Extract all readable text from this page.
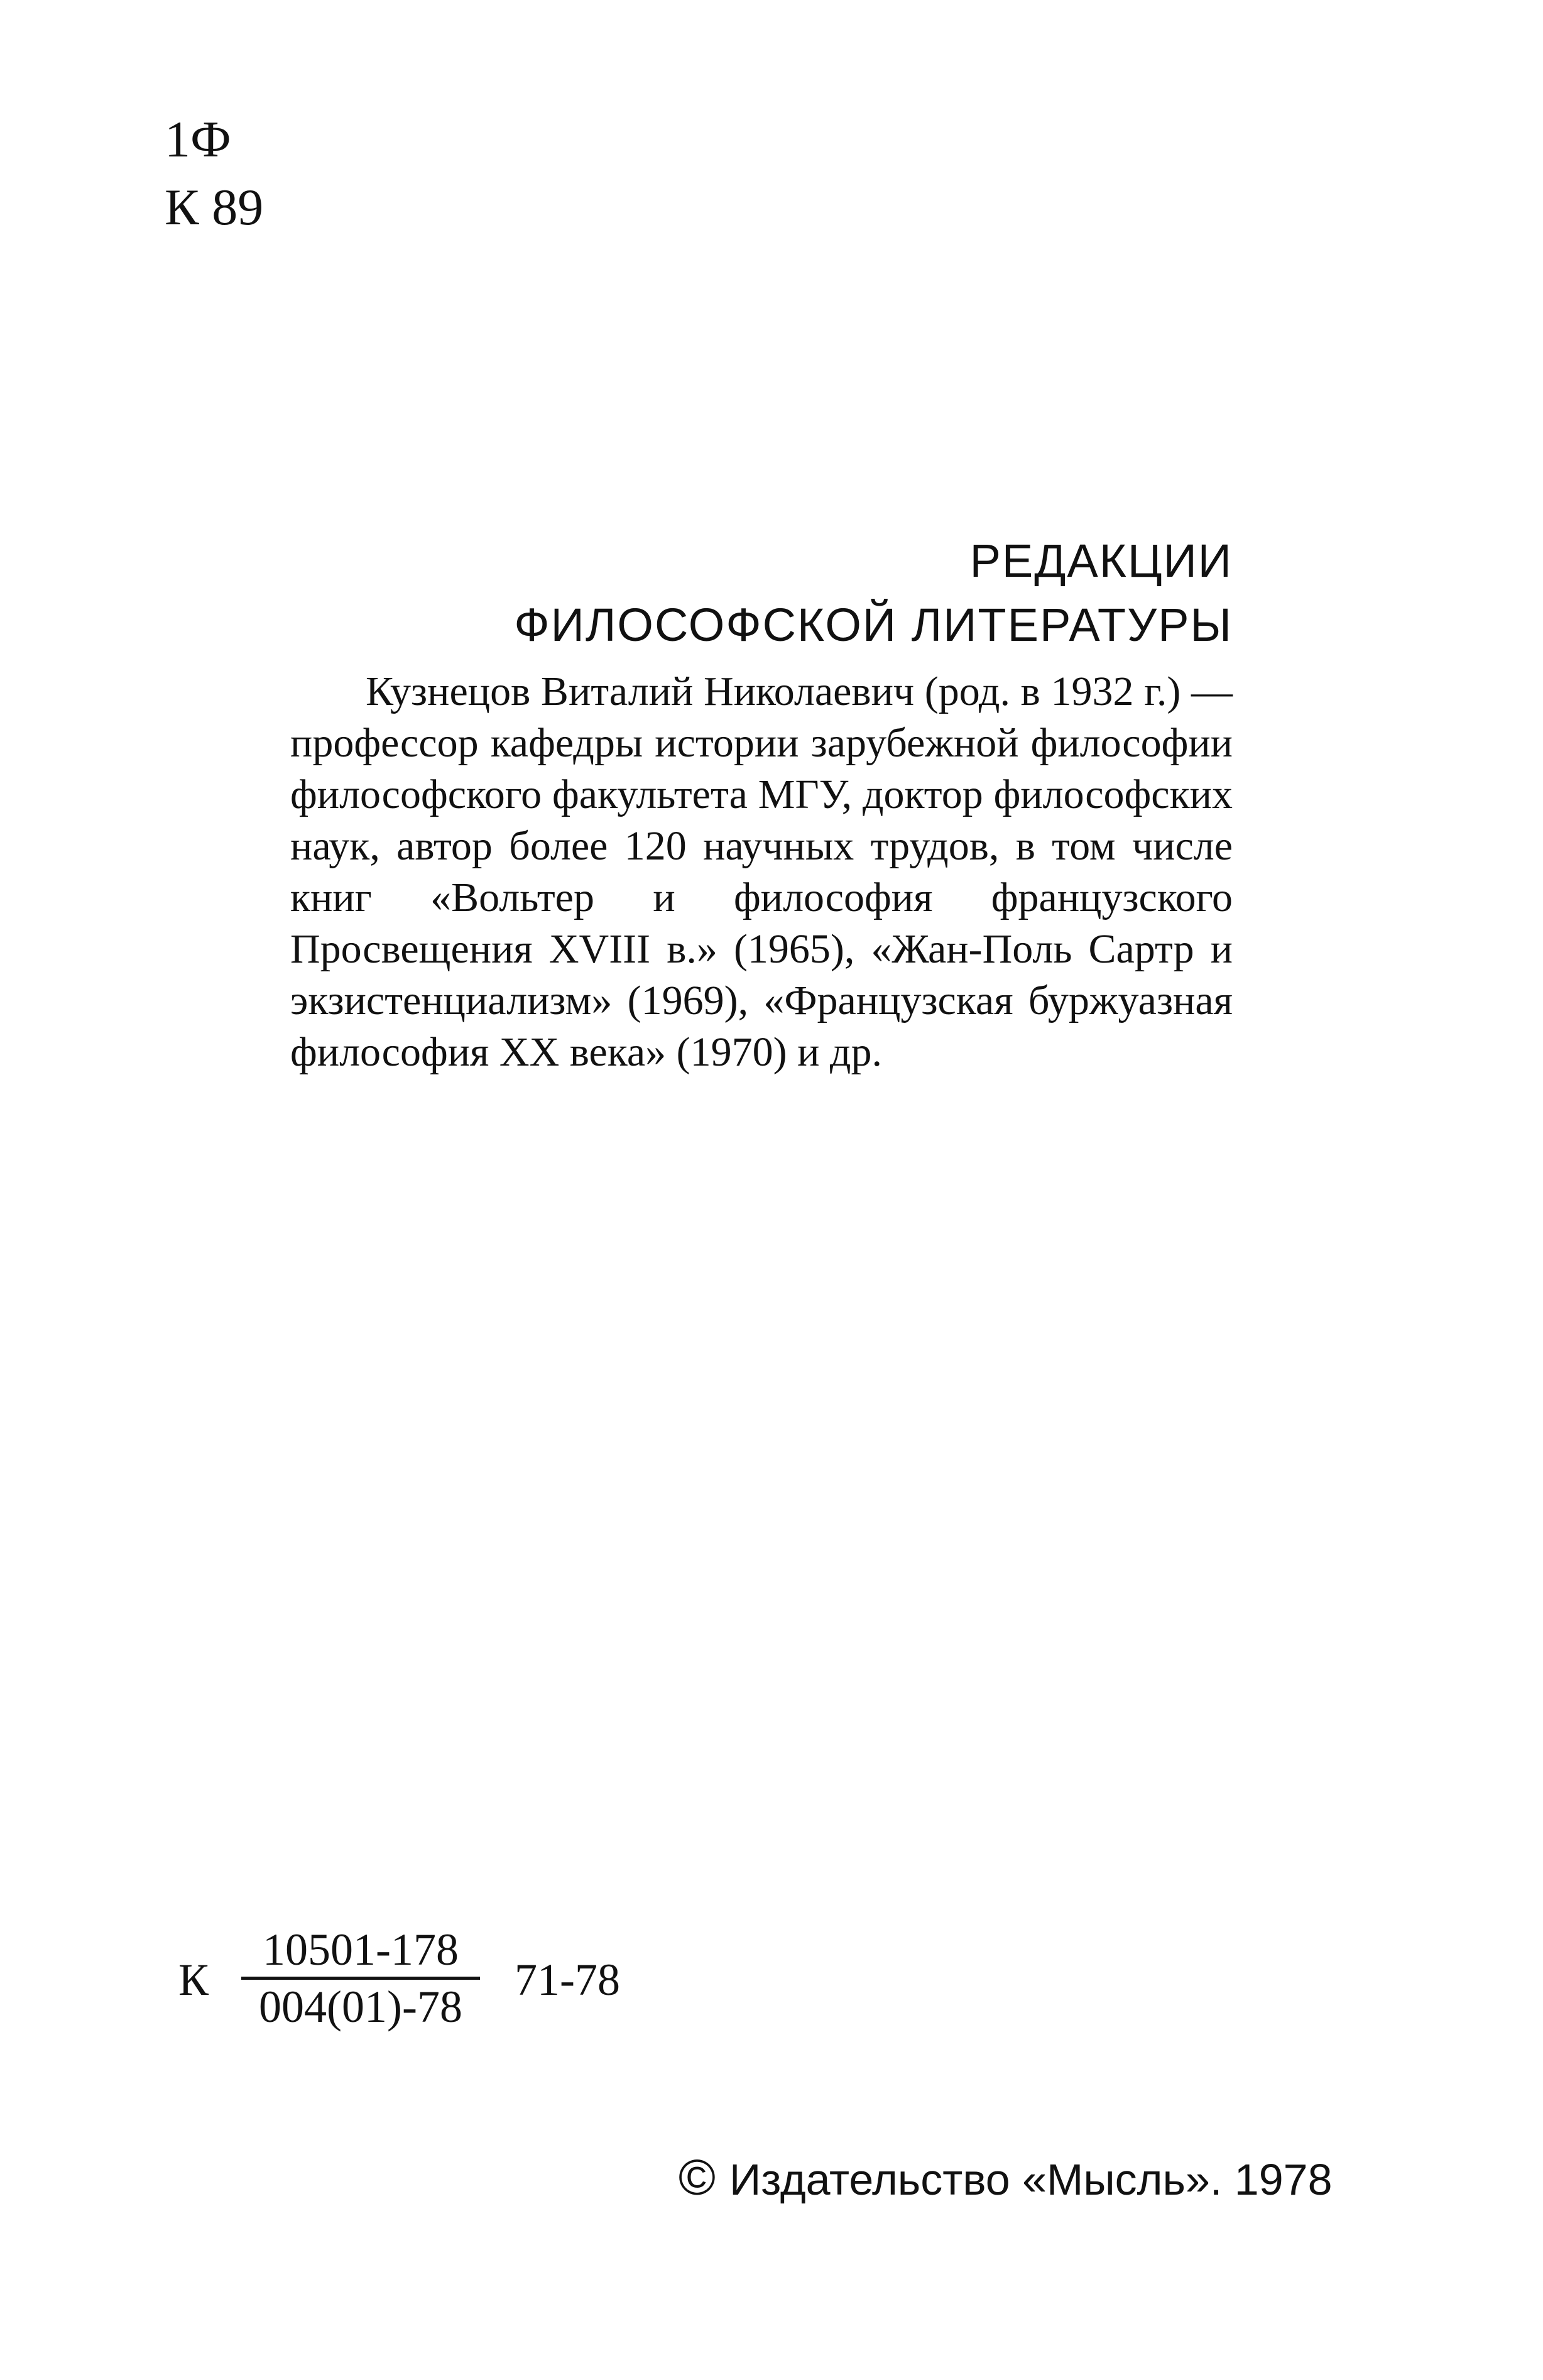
1Ф
К 89
РЕДАКЦИИ
ФИЛОСОФСКОЙ ЛИТЕРАТУРЫ
Кузнецов Виталий Николаевич (род. в 1932 г.) — профессор кафедры истории зарубежной философии философского факультета МГУ, доктор философских наук, автор более 120 научных трудов, в том числе книг «Вольтер и философия французского Просвещения XVIII в.» (1965), «Жан-Поль Сартр и экзистенциализм» (1969), «Французская буржуазная философия XX века» (1970) и др.
К $\frac{10501-178}{004(01)-78} 71-78$
© Издательство «Мысль». 1978
